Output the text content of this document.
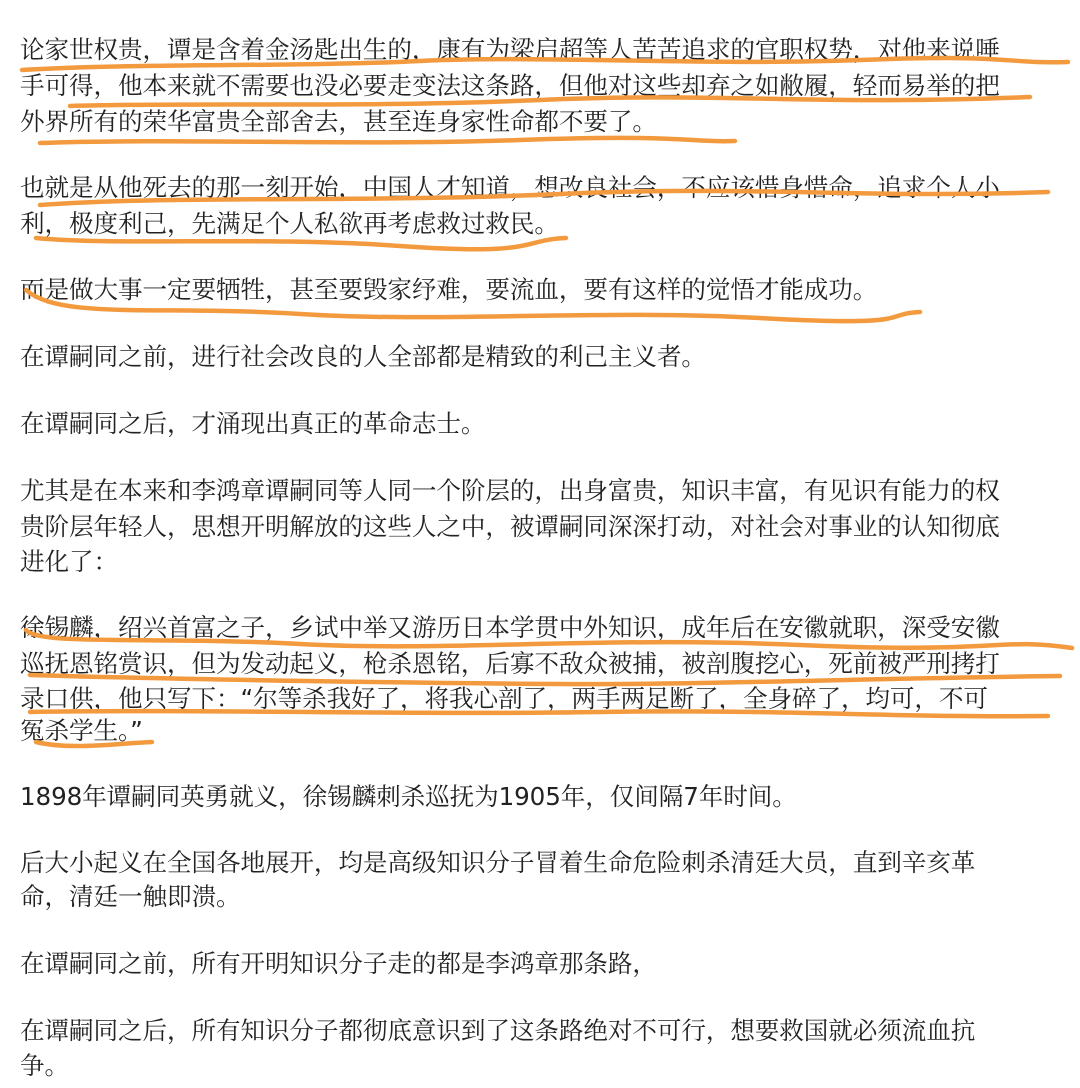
论家世权贵，谭是含着金汤匙出生的，康有为梁启超等人苦苦追求的官职权势，对他来说唾

手可得，他本来就不需要也没必要走变法这条路，但他对这些却弃之如敝履，轻而易举的把

外界所有的荣华富贵全部舍去，甚至连身家性命都不要了。

也就是从他死去的那一刻开始，中国人才知道，想改良社会，不应该惜身惜命，追求个人小

利，极度利己，先满足个人私欲再考虑救过救民。

而是做大事一定要牺牲，甚至要毁家纾难，要流血，要有这样的觉悟才能成功。

在谭嗣同之前，进行社会改良的人全部都是精致的利己主义者。

在谭嗣同之后，才涌现出真正的革命志士。

尤其是在本来和李鸿章谭嗣同等人同一个阶层的，出身富贵，知识丰富，有见识有能力的权

贵阶层年轻人，思想开明解放的这些人之中，被谭嗣同深深打动，对社会对事业的认知彻底

进化了：

徐锡麟，绍兴首富之子，乡试中举又游历日本学贯中外知识，成年后在安徽就职，深受安徽

巡抚恩铭赏识，但为发动起义，枪杀恩铭，后寡不敌众被捕，被剖腹挖心，死前被严刑拷打

录口供，他只写下：“尔等杀我好了，将我心剖了，两手两足断了，全身碎了，均可，不可

冤杀学生。”

1898年谭嗣同英勇就义，徐锡麟刺杀巡抚为1905年，仅间隔7年时间。

后大小起义在全国各地展开，均是高级知识分子冒着生命危险刺杀清廷大员，直到辛亥革

命，清廷一触即溃。

在谭嗣同之前，所有开明知识分子走的都是李鸿章那条路，

在谭嗣同之后，所有知识分子都彻底意识到了这条路绝对不可行，想要救国就必须流血抗

争。
